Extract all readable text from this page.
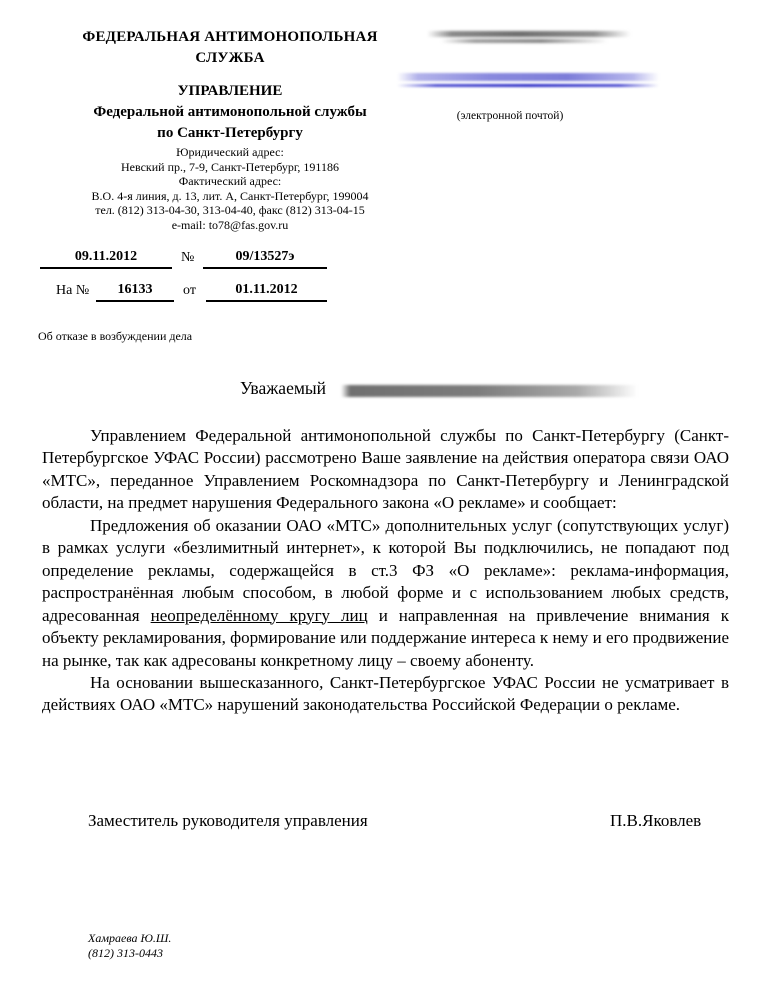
ФЕДЕРАЛЬНАЯ АНТИМОНОПОЛЬНАЯ СЛУЖБА
УПРАВЛЕНИЕ
Федеральной антимонопольной службы
по Санкт-Петербургу
(электронной почтой)
Юридический адрес:
Невский пр., 7-9, Санкт-Петербург, 191186
Фактический адрес:
В.О. 4-я линия, д. 13, лит. А, Санкт-Петербург, 199004
тел. (812) 313-04-30, 313-04-40, факс (812) 313-04-15
e-mail: to78@fas.gov.ru
09.11.2012	№	09/13527э
На №	16133	от	01.11.2012
Об отказе в возбуждении дела
Уважаемый

Управлением Федеральной антимонопольной службы по Санкт-Петербургу (Санкт-Петербургское УФАС России) рассмотрено Ваше заявление на действия оператора связи ОАО «МТС», переданное Управлением Роскомнадзора по Санкт-Петербургу и Ленинградской области, на предмет нарушения Федерального закона «О рекламе» и сообщает:

Предложения об оказании ОАО «МТС» дополнительных услуг (сопутствующих услуг) в рамках услуги «безлимитный интернет», к которой Вы подключились, не попадают под определение рекламы, содержащейся в ст.3 ФЗ «О рекламе»: реклама-информация, распространённая любым способом, в любой форме и с использованием любых средств, адресованная неопределённому кругу лиц и направленная на привлечение внимания к объекту рекламирования, формирование или поддержание интереса к нему и его продвижение на рынке, так как адресованы конкретному лицу – своему абоненту.

На основании вышесказанного, Санкт-Петербургское УФАС России не усматривает в действиях ОАО «МТС» нарушений законодательства Российской Федерации о рекламе.

Заместитель руководителя управления	П.В.Яковлев
Хамраева Ю.Ш.
(812) 313-0443
